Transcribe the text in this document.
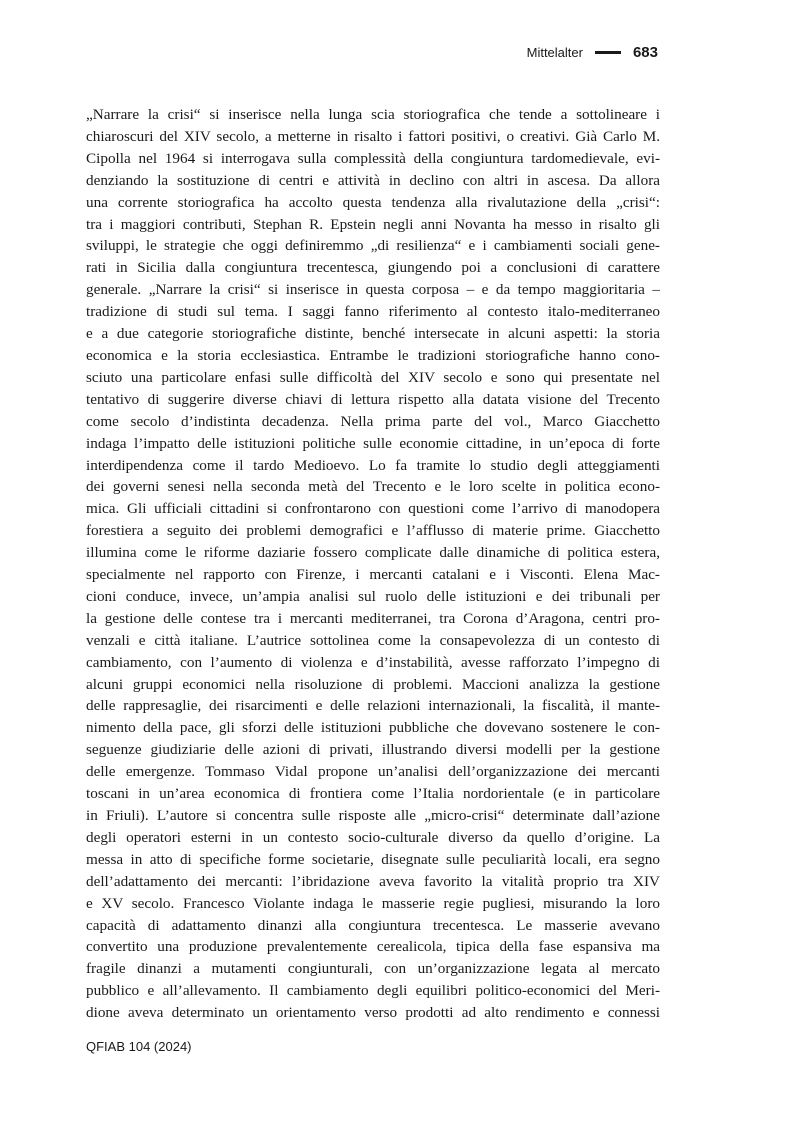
Mittelalter	683
„Narrare la crisi“ si inserisce nella lunga scia storiografica che tende a sottolineare i
chiaroscuri del XIV secolo, a metterne in risalto i fattori positivi, o creativi. Già Carlo M.
Cipolla nel 1964 si interrogava sulla complessità della congiuntura tardomedievale, evi-
denziando la sostituzione di centri e attività in declino con altri in ascesa. Da allora
una corrente storiografica ha accolto questa tendenza alla rivalutazione della „crisi“:
tra i maggiori contributi, Stephan R. Epstein negli anni Novanta ha messo in risalto gli
sviluppi, le strategie che oggi definiremmo „di resilienza“ e i cambiamenti sociali gene-
rati in Sicilia dalla congiuntura trecentesca, giungendo poi a conclusioni di carattere
generale. „Narrare la crisi“ si inserisce in questa corposa – e da tempo maggioritaria –
tradizione di studi sul tema. I saggi fanno riferimento al contesto italo-mediterraneo
e a due categorie storiografiche distinte, benché intersecate in alcuni aspetti: la storia
economica e la storia ecclesiastica. Entrambe le tradizioni storiografiche hanno cono-
sciuto una particolare enfasi sulle difficoltà del XIV secolo e sono qui presentate nel
tentativo di suggerire diverse chiavi di lettura rispetto alla datata visione del Trecento
come secolo d’indistinta decadenza. Nella prima parte del vol., Marco Giacchetto
indaga l’impatto delle istituzioni politiche sulle economie cittadine, in un’epoca di forte
interdipendenza come il tardo Medioevo. Lo fa tramite lo studio degli atteggiamenti
dei governi senesi nella seconda metà del Trecento e le loro scelte in politica econo-
mica. Gli ufficiali cittadini si confrontarono con questioni come l’arrivo di manodopera
forestiera a seguito dei problemi demografici e l’afflusso di materie prime. Giacchetto
illumina come le riforme daziarie fossero complicate dalle dinamiche di politica estera,
specialmente nel rapporto con Firenze, i mercanti catalani e i Visconti. Elena Mac-
cioni conduce, invece, un’ampia analisi sul ruolo delle istituzioni e dei tribunali per
la gestione delle contese tra i mercanti mediterranei, tra Corona d’Aragona, centri pro-
venzali e città italiane. L’autrice sottolinea come la consapevolezza di un contesto di
cambiamento, con l’aumento di violenza e d’instabilità, avesse rafforzato l’impegno di
alcuni gruppi economici nella risoluzione di problemi. Maccioni analizza la gestione
delle rappresaglie, dei risarcimenti e delle relazioni internazionali, la fiscalità, il mante-
nimento della pace, gli sforzi delle istituzioni pubbliche che dovevano sostenere le con-
seguenze giudiziarie delle azioni di privati, illustrando diversi modelli per la gestione
delle emergenze. Tommaso Vidal propone un’analisi dell’organizzazione dei mercanti
toscani in un’area economica di frontiera come l’Italia nordorientale (e in particolare
in Friuli). L’autore si concentra sulle risposte alle „micro-crisi“ determinate dall’azione
degli operatori esterni in un contesto socio-culturale diverso da quello d’origine. La
messa in atto di specifiche forme societarie, disegnate sulle peculiarità locali, era segno
dell’adattamento dei mercanti: l’ibridazione aveva favorito la vitalità proprio tra XIV
e XV secolo. Francesco Violante indaga le masserie regie pugliesi, misurando la loro
capacità di adattamento dinanzi alla congiuntura trecentesca. Le masserie avevano
convertito una produzione prevalentemente cerealicola, tipica della fase espansiva ma
fragile dinanzi a mutamenti congiunturali, con un’organizzazione legata al mercato
pubblico e all’allevamento. Il cambiamento degli equilibri politico-economici del Meri-
dione aveva determinato un orientamento verso prodotti ad alto rendimento e connessi
QFIAB 104 (2024)
